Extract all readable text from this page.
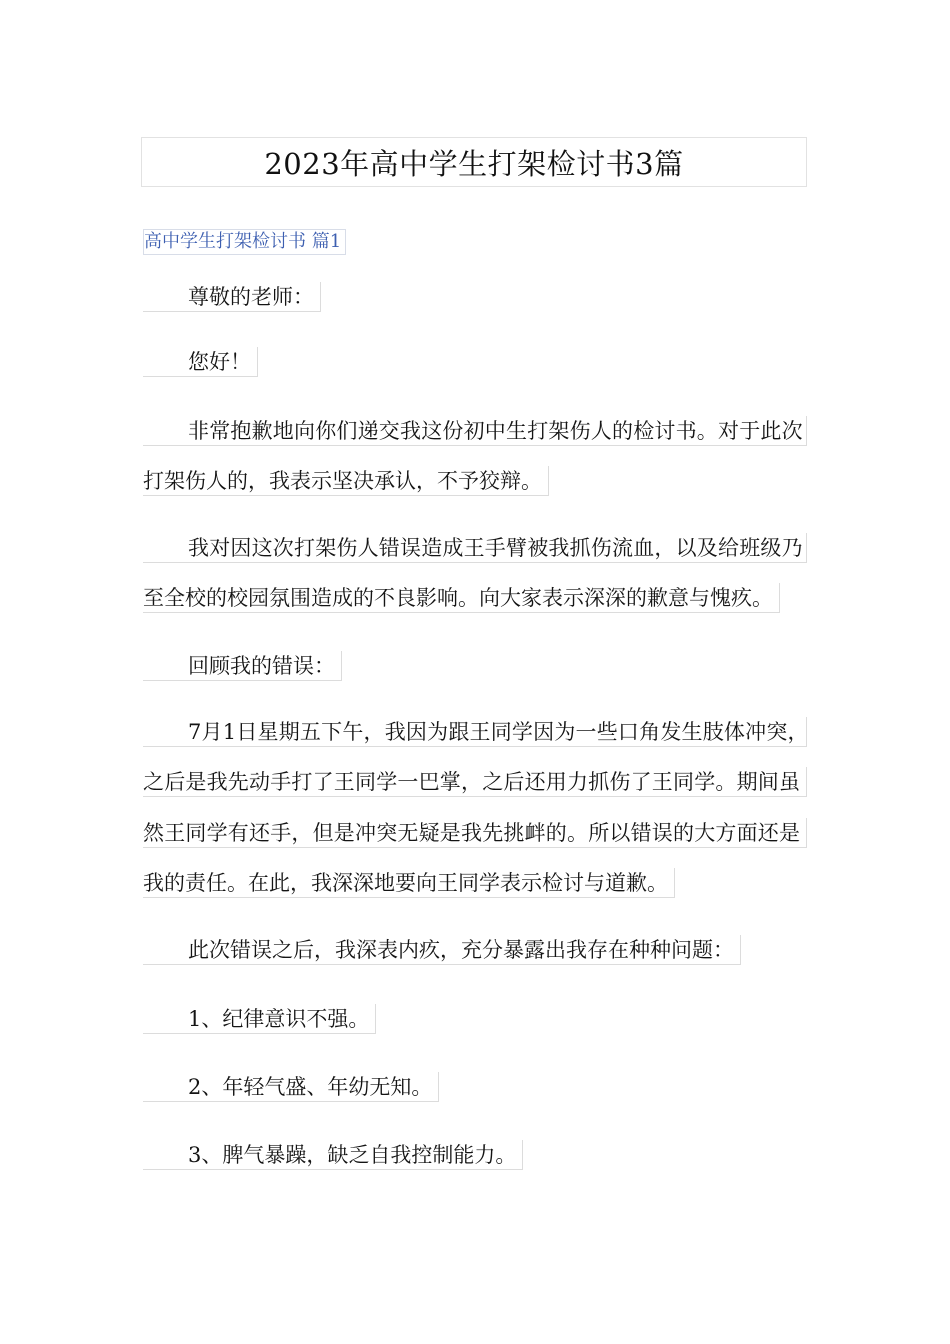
2023年高中学生打架检讨书3篇
高中学生打架检讨书 篇1
尊敬的老师：
您好！
非常抱歉地向你们递交我这份初中生打架伤人的检讨书。对于此次
打架伤人的，我表示坚决承认，不予狡辩。
我对因这次打架伤人错误造成王手臂被我抓伤流血，以及给班级乃
至全校的校园氛围造成的不良影响。向大家表示深深的歉意与愧疚。
回顾我的错误：
7月1日星期五下午，我因为跟王同学因为一些口角发生肢体冲突，
之后是我先动手打了王同学一巴掌，之后还用力抓伤了王同学。期间虽
然王同学有还手，但是冲突无疑是我先挑衅的。所以错误的大方面还是
我的责任。在此，我深深地要向王同学表示检讨与道歉。
此次错误之后，我深表内疚，充分暴露出我存在种种问题：
1、纪律意识不强。
2、年轻气盛、年幼无知。
3、脾气暴躁，缺乏自我控制能力。
